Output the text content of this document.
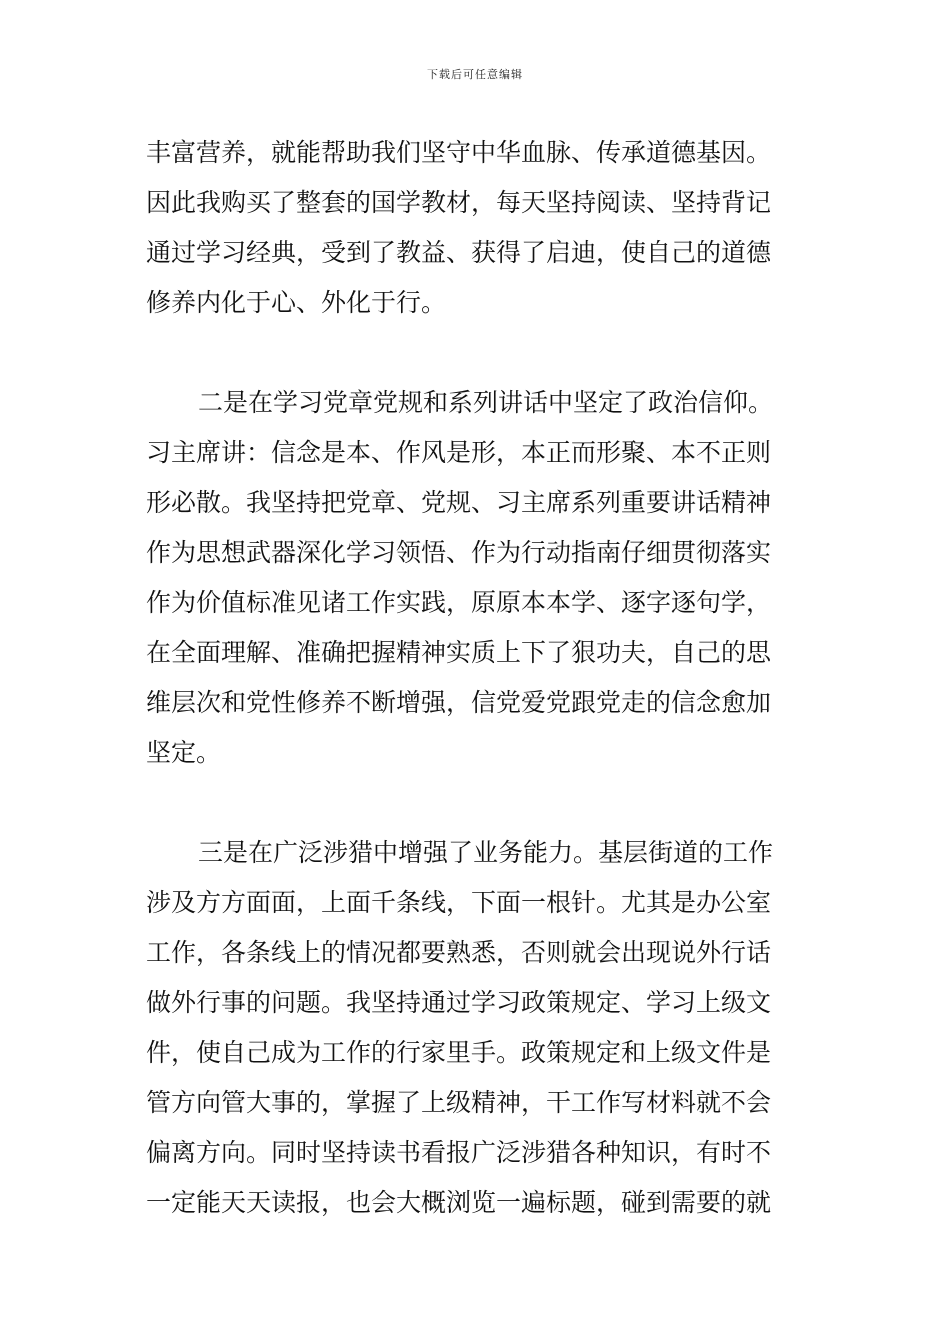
下载后可任意编辑
丰富营养，就能帮助我们坚守中华血脉、传承道德基因。
因此我购买了整套的国学教材，每天坚持阅读、坚持背记
通过学习经典，受到了教益、获得了启迪，使自己的道德
修养内化于心、外化于行。
二是在学习党章党规和系列讲话中坚定了政治信仰。
习主席讲：信念是本、作风是形，本正而形聚、本不正则
形必散。我坚持把党章、党规、习主席系列重要讲话精神
作为思想武器深化学习领悟、作为行动指南仔细贯彻落实
作为价值标准见诸工作实践，原原本本学、逐字逐句学，
在全面理解、准确把握精神实质上下了狠功夫，自己的思
维层次和党性修养不断增强，信党爱党跟党走的信念愈加
坚定。
三是在广泛涉猎中增强了业务能力。基层街道的工作
涉及方方面面，上面千条线，下面一根针。尤其是办公室
工作，各条线上的情况都要熟悉，否则就会出现说外行话
做外行事的问题。我坚持通过学习政策规定、学习上级文
件，使自己成为工作的行家里手。政策规定和上级文件是
管方向管大事的，掌握了上级精神，干工作写材料就不会
偏离方向。同时坚持读书看报广泛涉猎各种知识，有时不
一定能天天读报，也会大概浏览一遍标题，碰到需要的就
